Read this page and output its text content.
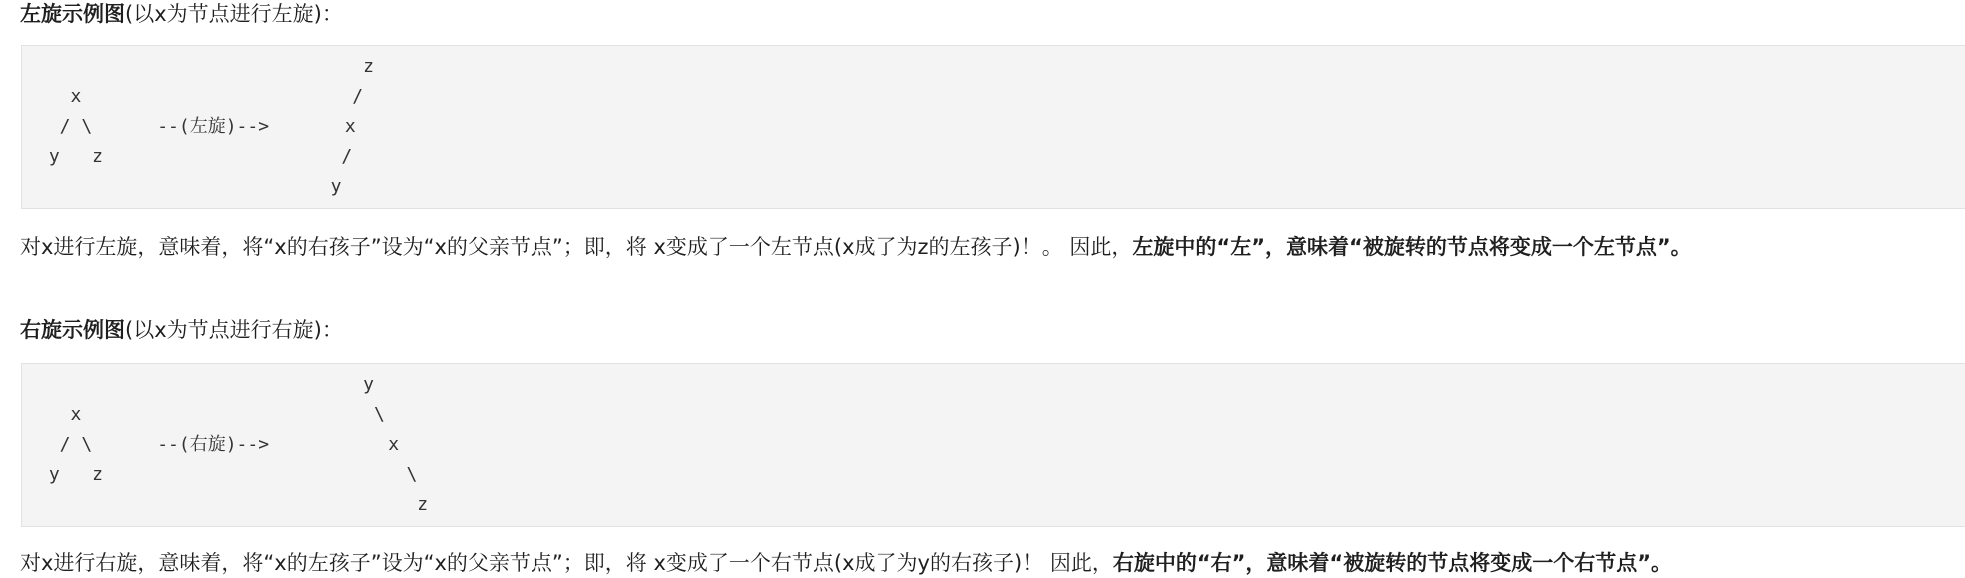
左旋示例图(以x为节点进行左旋)：
z
x                         /
/ \      --(左旋)-->       x
y   z                      /
y
对x进行左旋，意味着，将“x的右孩子”设为“x的父亲节点”；即，将 x变成了一个左节点(x成了为z的左孩子)！。 因此，左旋中的“左”，意味着“被旋转的节点将变成一个左节点”。
右旋示例图(以x为节点进行右旋)：
y
x                           \
/ \      --(右旋)-->           x
y   z                            \
z
对x进行右旋，意味着，将“x的左孩子”设为“x的父亲节点”；即，将 x变成了一个右节点(x成了为y的右孩子)！ 因此，右旋中的“右”，意味着“被旋转的节点将变成一个右节点”。
